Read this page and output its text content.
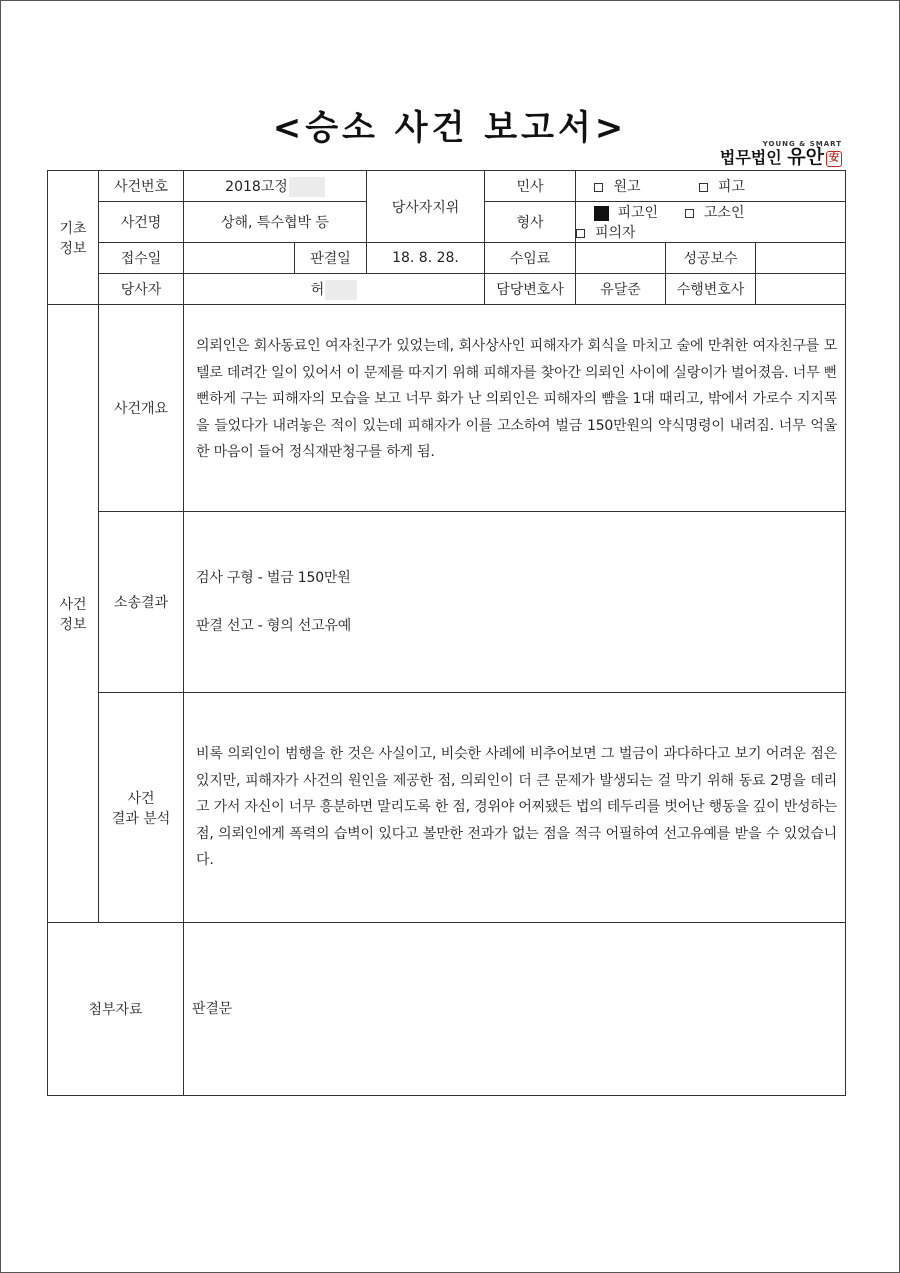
<승소 사건 보고서>	YOUNG & SMART
법무법인 유안 安
기초
정보	사건번호	2018고정		당사자지위	민사	원고 피고		
	사건명	상해, 특수협박 등			형사	피고인 고소인 피의자		
	접수일		판결일	18. 8. 28.	수임료		성공보수	
	당사자	허			담당변호사	유달준	수행변호사	

사건
정보	사건개요	의뢰인은 회사동료인 여자친구가 있었는데, 회사상사인 피해자가 회식을 마치고 술에 만취한 여자친구를 모텔로 데려간 일이 있어서 이 문제를 따지기 위해 피해자를 찾아간 의뢰인 사이에 실랑이가 벌어졌음. 너무 뻔뻔하게 구는 피해자의 모습을 보고 너무 화가 난 의뢰인은 피해자의 뺨을 1대 때리고, 밖에서 가로수 지지목을 들었다가 내려놓은 적이 있는데 피해자가 이를 고소하여 벌금 150만원의 약식명령이 내려짐. 너무 억울한 마음이 들어 정식재판청구를 하게 됨.						

	소송결과	검사 구형 - 벌금 150만원
판결 선고 - 형의 선고유예						

	사건
결과 분석	비록 의뢰인이 범행을 한 것은 사실이고, 비슷한 사례에 비추어보면 그 벌금이 과다하다고 보기 어려운 점은 있지만, 피해자가 사건의 원인을 제공한 점, 의뢰인이 더 큰 문제가 발생되는 걸 막기 위해 동료 2명을 데리고 가서 자신이 너무 흥분하면 말리도록 한 점, 경위야 어찌됐든 법의 테두리를 벗어난 행동을 깊이 반성하는 점, 의뢰인에게 폭력의 습벽이 있다고 볼만한 전과가 없는 점을 적극 어필하여 선고유예를 받을 수 있었습니다.						

첨부자료		판결문						
